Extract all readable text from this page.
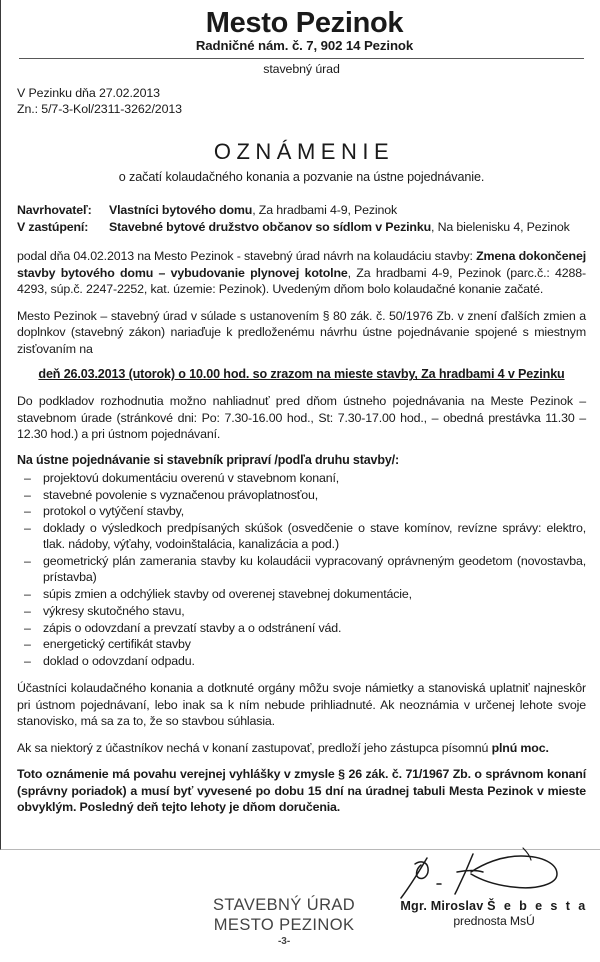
Mesto Pezinok
Radničné nám. č. 7, 902 14 Pezinok
stavebný úrad
V Pezinku dňa 27.02.2013
Zn.: 5/7-3-Kol/2311-3262/2013
OZNÁMENIE
o začatí kolaudačného konania a pozvanie na ústne pojednávanie.
Navrhovateľ:	Vlastníci bytového domu, Za hradbami 4-9, Pezinok
V zastúpení:	Stavebné bytové družstvo občanov so sídlom v Pezinku, Na bielenisku 4, Pezinok

podal dňa 04.02.2013 na Mesto Pezinok - stavebný úrad návrh na kolaudáciu stavby: Zmena dokončenej stavby bytového domu – vybudovanie plynovej kotolne, Za hradbami 4-9, Pezinok (parc.č.: 4288-4293, súp.č. 2247-2252, kat. územie: Pezinok). Uvedeným dňom bolo kolaudačné konanie začaté.

Mesto Pezinok – stavebný úrad v súlade s ustanovením § 80 zák. č. 50/1976 Zb. v znení ďalších zmien a doplnkov (stavebný zákon) nariaďuje k predloženému návrhu ústne pojednávanie spojené s miestnym zisťovaním na

deň 26.03.2013 (utorok) o 10.00 hod. so zrazom na mieste stavby, Za hradbami 4 v Pezinku

Do podkladov rozhodnutia možno nahliadnuť pred dňom ústneho pojednávania na Meste Pezinok – stavebnom úrade (stránkové dni: Po: 7.30-16.00 hod., St: 7.30-17.00 hod., – obedná prestávka 11.30 – 12.30 hod.) a pri ústnom pojednávaní.

Na ústne pojednávanie si stavebník pripraví /podľa druhu stavby/:
– projektovú dokumentáciu overenú v stavebnom konaní,
– stavebné povolenie s vyznačenou právoplatnosťou,
– protokol o vytýčení stavby,
– doklady o výsledkoch predpísaných skúšok (osvedčenie o stave komínov, revízne správy: elektro, tlak. nádoby, výťahy, vodoinštalácia, kanalizácia a pod.)
– geometrický plán zamerania stavby ku kolaudácii vypracovaný oprávneným geodetom (novostavba, prístavba)
– súpis zmien a odchýliek stavby od overenej stavebnej dokumentácie,
– výkresy skutočného stavu,
– zápis o odovzdaní a prevzatí stavby a o odstránení vád.
– energetický certifikát stavby
– doklad o odovzdaní odpadu.

Účastníci kolaudačného konania a dotknuté orgány môžu svoje námietky a stanoviská uplatniť najneskôr pri ústnom pojednávaní, lebo inak sa k ním nebude prihliadnuté. Ak neoznámia v určenej lehote svoje stanovisko, má sa za to, že so stavbou súhlasia.

Ak sa niektorý z účastníkov nechá v konaní zastupovať, predloží jeho zástupca písomnú plnú moc.

Toto oznámenie má povahu verejnej vyhlášky v zmysle § 26 zák. č. 71/1967 Zb. o správnom konaní (správny poriadok) a musí byť vyvesené po dobu 15 dní na úradnej tabuli Mesta Pezinok v mieste obvyklým. Posledný deň tejto lehoty je dňom doručenia.

STAVEBNÝ ÚRAD
MESTO PEZINOK
-3-
Mgr. Miroslav Š e b e s t a
prednosta MsÚ
